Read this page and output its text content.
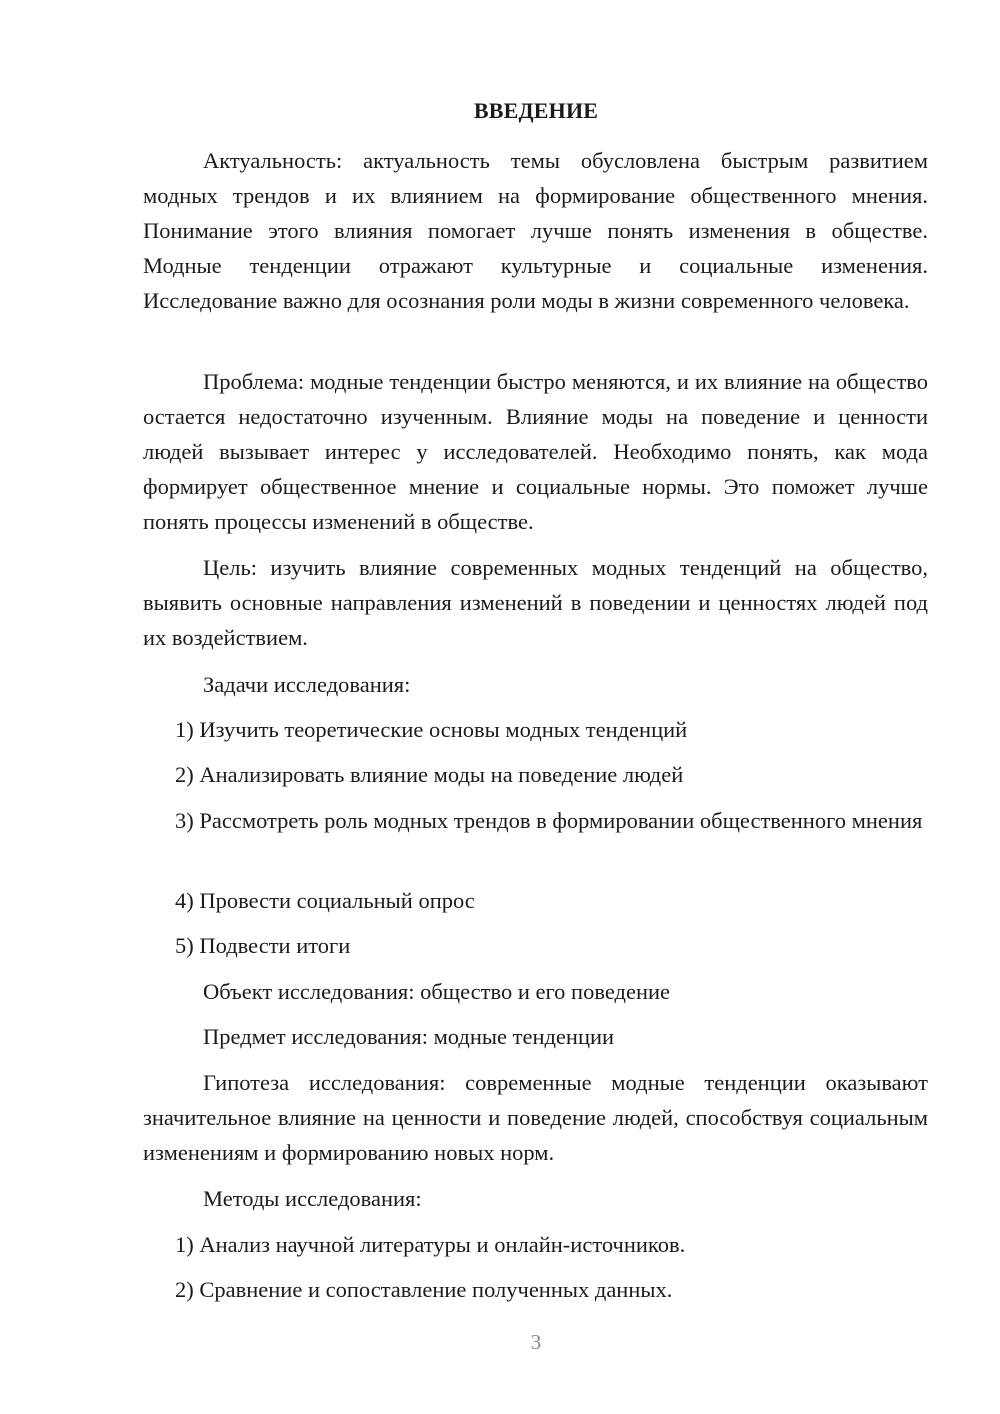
ВВЕДЕНИЕ

Актуальность: актуальность темы обусловлена быстрым развитием модных трендов и их влиянием на формирование общественного мнения. Понимание этого влияния помогает лучше понять изменения в обществе. Модные тенденции отражают культурные и социальные изменения. Исследование важно для осознания роли моды в жизни современного человека.

Проблема: модные тенденции быстро меняются, и их влияние на общество остается недостаточно изученным. Влияние моды на поведение и ценности людей вызывает интерес у исследователей. Необходимо понять, как мода формирует общественное мнение и социальные нормы. Это поможет лучше понять процессы изменений в обществе.

Цель: изучить влияние современных модных тенденций на общество, выявить основные направления изменений в поведении и ценностях людей под их воздействием.

Задачи исследования:

1) Изучить теоретические основы модных тенденций

2) Анализировать влияние моды на поведение людей

3) Рассмотреть роль модных трендов в формировании общественного мнения

4) Провести социальный опрос

5) Подвести итоги

Объект исследования: общество и его поведение
Предмет исследования: модные тенденции

Гипотеза исследования: современные модные тенденции оказывают значительное влияние на ценности и поведение людей, способствуя социальным изменениям и формированию новых норм.

Методы исследования:

1) Анализ научной литературы и онлайн-источников.

2) Сравнение и сопоставление полученных данных.

3
